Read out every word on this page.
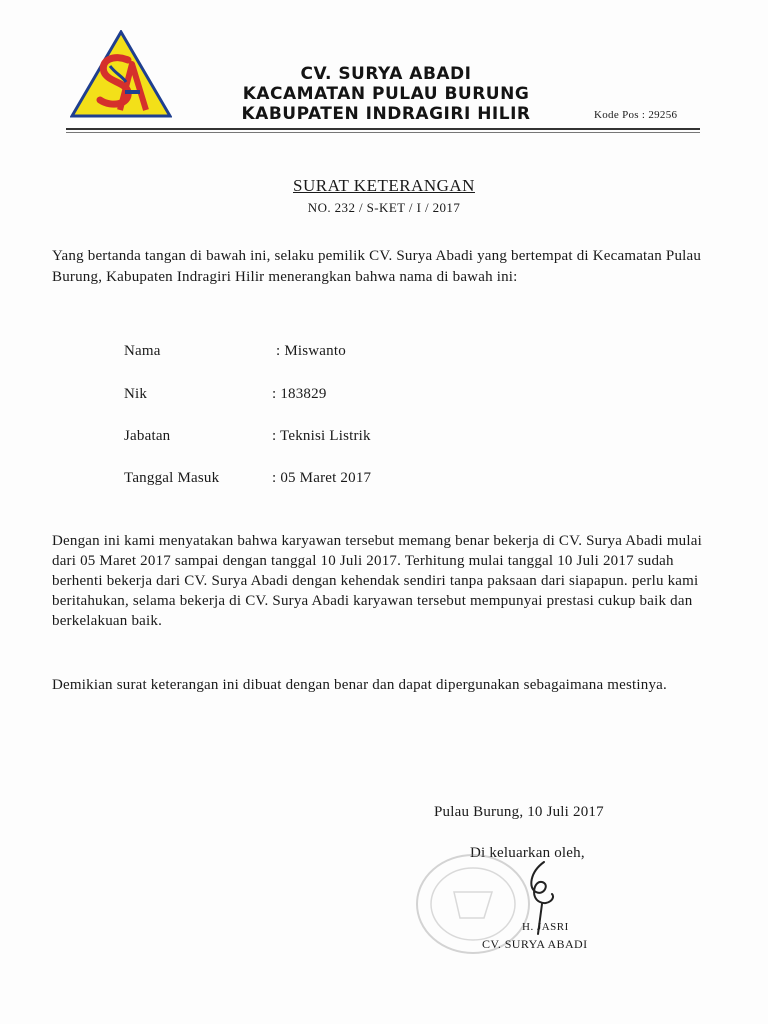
CV. SURYA ABADI
KACAMATAN PULAU BURUNG
KABUPATEN INDRAGIRI HILIR	Kode Pos : 29256
SURAT KETERANGAN
NO. 232 / S-KET / I / 2017
Yang bertanda tangan di bawah ini, selaku pemilik CV. Surya Abadi yang bertempat di Kecamatan Pulau Burung, Kabupaten Indragiri Hilir menerangkan bahwa nama di bawah ini:
Nama	: Miswanto
Nik	: 183829
Jabatan	: Teknisi Listrik
Tanggal Masuk	: 05 Maret 2017
Dengan ini kami menyatakan bahwa karyawan tersebut memang benar bekerja di CV. Surya Abadi mulai dari 05 Maret 2017 sampai dengan tanggal 10 Juli 2017. Terhitung mulai tanggal 10 Juli 2017 sudah berhenti bekerja dari CV. Surya Abadi dengan kehendak sendiri tanpa paksaan dari siapapun. perlu kami beritahukan, selama bekerja di CV. Surya Abadi karyawan tersebut mempunyai prestasi cukup baik dan berkelakuan baik.
Demikian surat keterangan ini dibuat dengan benar dan dapat dipergunakan sebagaimana mestinya.
Pulau Burung, 10 Juli 2017
Di keluarkan oleh,
H. JASRI
CV. SURYA ABADI
